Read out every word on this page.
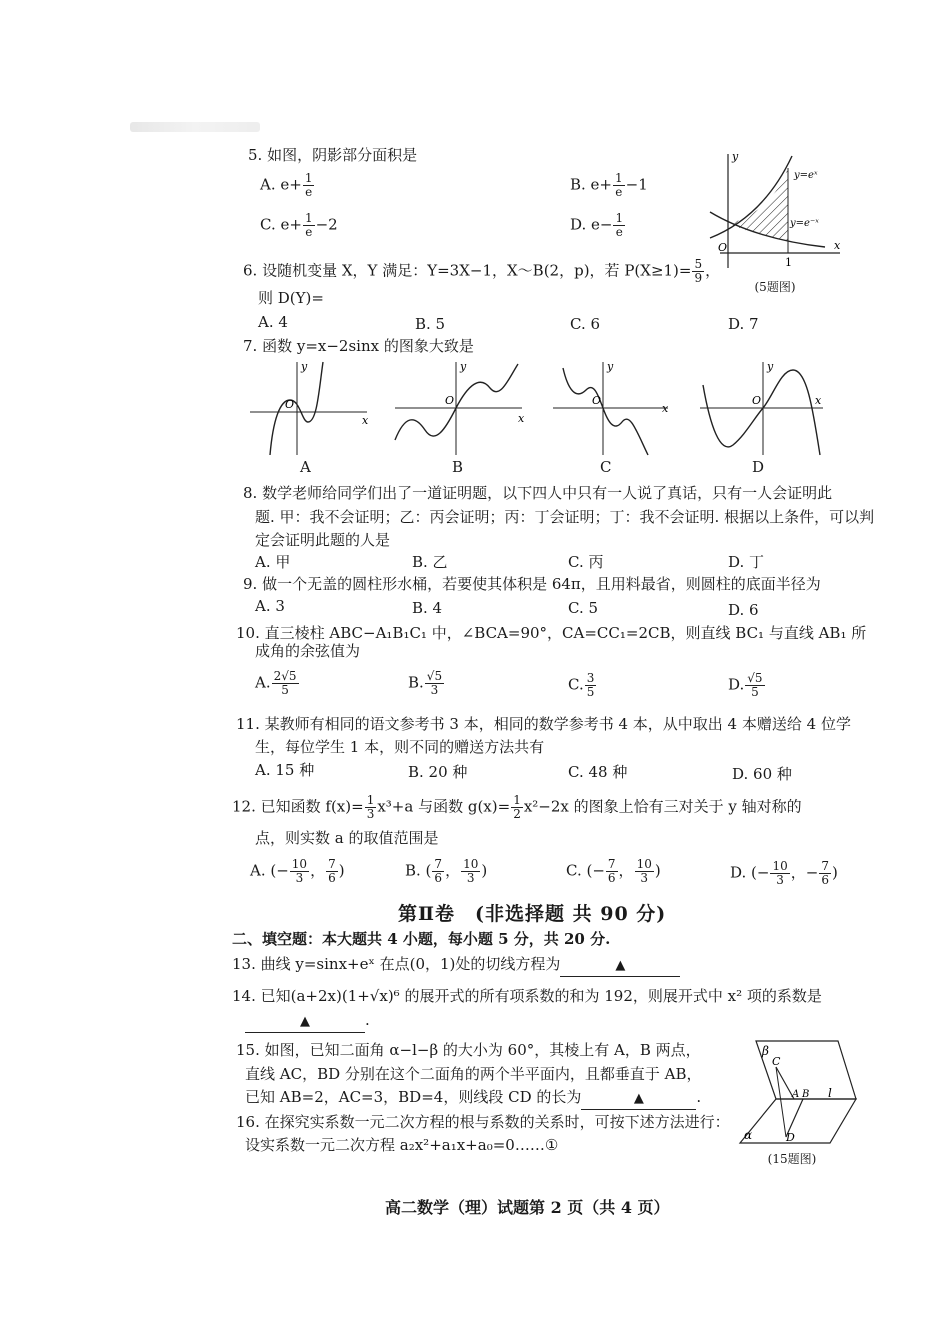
5. 如图，阴影部分面积是
A. $e+ \frac{1}{e}$	B. $e+ \frac{1}{e} -1$
C. $e+ \frac{1}{e} -2$	D. $e- \frac{1}{e}$
y
x
O
1
y=eˣ
y=e⁻ˣ
(5题图)
6. 设随机变量 X，Y 满足：Y=3X−1，X～B(2，p)，若 $P(X\ge 1)= \frac{5}{9}$ ，
则 D(Y)=
A. 4	B. 5	C. 6	D. 7
7. 函数 y=x−2sinx 的图象大致是
y
x
O
A
y
x
O
B
y
x
O
C
y
x
O
D
8. 数学老师给同学们出了一道证明题，以下四人中只有一人说了真话，只有一人会证明此
题. 甲：我不会证明；乙：丙会证明；丙：丁会证明；丁：我不会证明. 根据以上条件，可以判
定会证明此题的人是
A. 甲	B. 乙	C. 丙	D. 丁
9. 做一个无盖的圆柱形水桶，若要使其体积是 64π，且用料最省，则圆柱的底面半径为
A. 3	B. 4	C. 5	D. 6
10. 直三棱柱 ABC−A₁B₁C₁ 中，∠BCA=90°，CA=CC₁=2CB，则直线 BC₁ 与直线 AB₁ 所
成角的余弦值为
A. $\frac{2√5}{5}$	B. $\frac{√5}{3}$	C. $\frac{3}{5}$	D. $\frac{√5}{5}$
11. 某教师有相同的语文参考书 3 本，相同的数学参考书 4 本，从中取出 4 本赠送给 4 位学
生，每位学生 1 本，则不同的赠送方法共有
A. 15 种	B. 20 种	C. 48 种	D. 60 种
12. 已知函数 $f(x)= \frac{1}{3} x^3+a$ 与函数 $g(x)= \frac{1}{2} x^2-2x$ 的图象上恰有三对关于 y 轴对称的
点，则实数 a 的取值范围是
A. (− $\frac{10}{3}$ ， $\frac{7}{6}$ )	B. ( $\frac{7}{6}$ ， $\frac{10}{3}$ )	C. (− $\frac{7}{6}$ ， $\frac{10}{3}$ )	D. (− $\frac{10}{3}$ ，− $\frac{7}{6}$ )
第Ⅱ卷　(非选择题 共 90 分)
二、填空题：本大题共 4 小题，每小题 5 分，共 20 分.
13. 曲线 y=sinx+eˣ 在点(0，1)处的切线方程为	▲
14. 已知(a+2x)(1+√x)⁶ 的展开式的所有项系数的和为 192，则展开式中 x² 项的系数是
▲	.
15. 如图，已知二面角 α−l−β 的大小为 60°，其棱上有 A，B 两点，
直线 AC，BD 分别在这个二面角的两个半平面内，且都垂直于 AB，
已知 AB=2，AC=3，BD=4，则线段 CD 的长为	▲	.
β
C
A B l
α	D
(15题图)
16. 在探究实系数一元二次方程的根与系数的关系时，可按下述方法进行：
设实系数一元二次方程 a₂x²+a₁x+a₀=0……①
高二数学（理）试题第 2 页（共 4 页）
